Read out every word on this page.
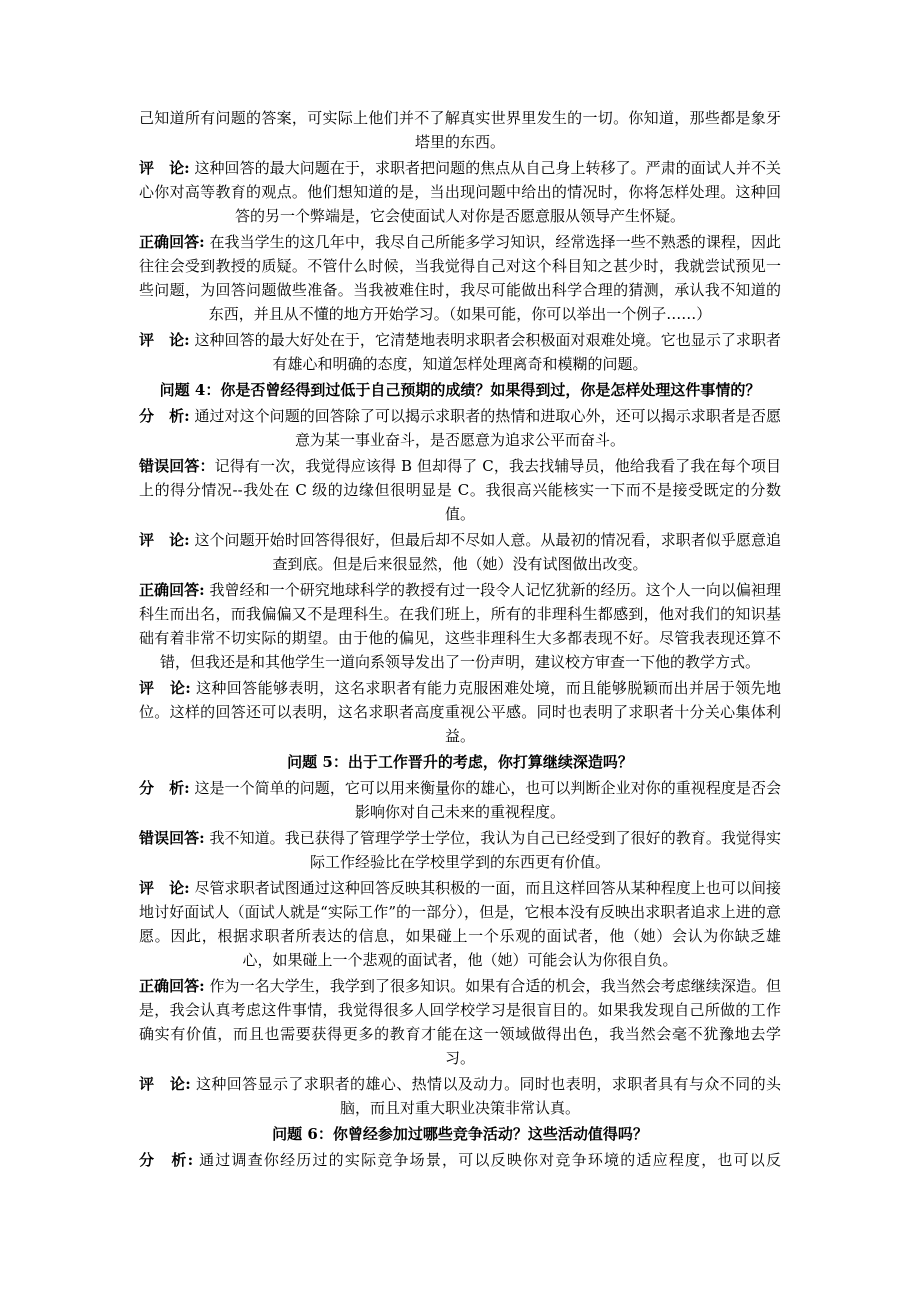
己知道所有问题的答案，可实际上他们并不了解真实世界里发生的一切。你知道，那些都是象牙塔里的东西。

评　论: 这种回答的最大问题在于，求职者把问题的焦点从自己身上转移了。严肃的面试人并不关心你对高等教育的观点。他们想知道的是，当出现问题中给出的情况时，你将怎样处理。这种回答的另一个弊端是，它会使面试人对你是否愿意服从领导产生怀疑。

正确回答: 在我当学生的这几年中，我尽自己所能多学习知识，经常选择一些不熟悉的课程，因此往往会受到教授的质疑。不管什么时候，当我觉得自己对这个科目知之甚少时，我就尝试预见一些问题，为回答问题做些准备。当我被难住时，我尽可能做出科学合理的猜测，承认我不知道的东西，并且从不懂的地方开始学习。（如果可能，你可以举出一个例子……）

评　论: 这种回答的最大好处在于，它清楚地表明求职者会积极面对艰难处境。它也显示了求职者有雄心和明确的态度，知道怎样处理离奇和模糊的问题。

问题 4：你是否曾经得到过低于自己预期的成绩？如果得到过，你是怎样处理这件事情的？

分　析: 通过对这个问题的回答除了可以揭示求职者的热情和进取心外，还可以揭示求职者是否愿意为某一事业奋斗，是否愿意为追求公平而奋斗。

错误回答：记得有一次，我觉得应该得 B 但却得了 C，我去找辅导员，他给我看了我在每个项目上的得分情况--我处在 C 级的边缘但很明显是 C。我很高兴能核实一下而不是接受既定的分数值。

评　论: 这个问题开始时回答得很好，但最后却不尽如人意。从最初的情况看，求职者似乎愿意追查到底。但是后来很显然，他（她）没有试图做出改变。

正确回答: 我曾经和一个研究地球科学的教授有过一段令人记忆犹新的经历。这个人一向以偏袒理科生而出名，而我偏偏又不是理科生。在我们班上，所有的非理科生都感到，他对我们的知识基础有着非常不切实际的期望。由于他的偏见，这些非理科生大多都表现不好。尽管我表现还算不错，但我还是和其他学生一道向系领导发出了一份声明，建议校方审查一下他的教学方式。

评　论: 这种回答能够表明，这名求职者有能力克服困难处境，而且能够脱颖而出并居于领先地位。这样的回答还可以表明，这名求职者高度重视公平感。同时也表明了求职者十分关心集体利益。

问题 5：出于工作晋升的考虑，你打算继续深造吗？

分　析: 这是一个简单的问题，它可以用来衡量你的雄心，也可以判断企业对你的重视程度是否会影响你对自己未来的重视程度。

错误回答: 我不知道。我已获得了管理学学士学位，我认为自己已经受到了很好的教育。我觉得实际工作经验比在学校里学到的东西更有价值。

评　论: 尽管求职者试图通过这种回答反映其积极的一面，而且这样回答从某种程度上也可以间接地讨好面试人（面试人就是“实际工作”的一部分），但是，它根本没有反映出求职者追求上进的意愿。因此，根据求职者所表达的信息，如果碰上一个乐观的面试者，他（她）会认为你缺乏雄心，如果碰上一个悲观的面试者，他（她）可能会认为你很自负。

正确回答: 作为一名大学生，我学到了很多知识。如果有合适的机会，我当然会考虑继续深造。但是，我会认真考虑这件事情，我觉得很多人回学校学习是很盲目的。如果我发现自己所做的工作确实有价值，而且也需要获得更多的教育才能在这一领域做得出色，我当然会毫不犹豫地去学习。

评　论: 这种回答显示了求职者的雄心、热情以及动力。同时也表明，求职者具有与众不同的头脑，而且对重大职业决策非常认真。

问题 6：你曾经参加过哪些竞争活动？这些活动值得吗？

分　析: 通过调查你经历过的实际竞争场景，可以反映你对竞争环境的适应程度，也可以反
